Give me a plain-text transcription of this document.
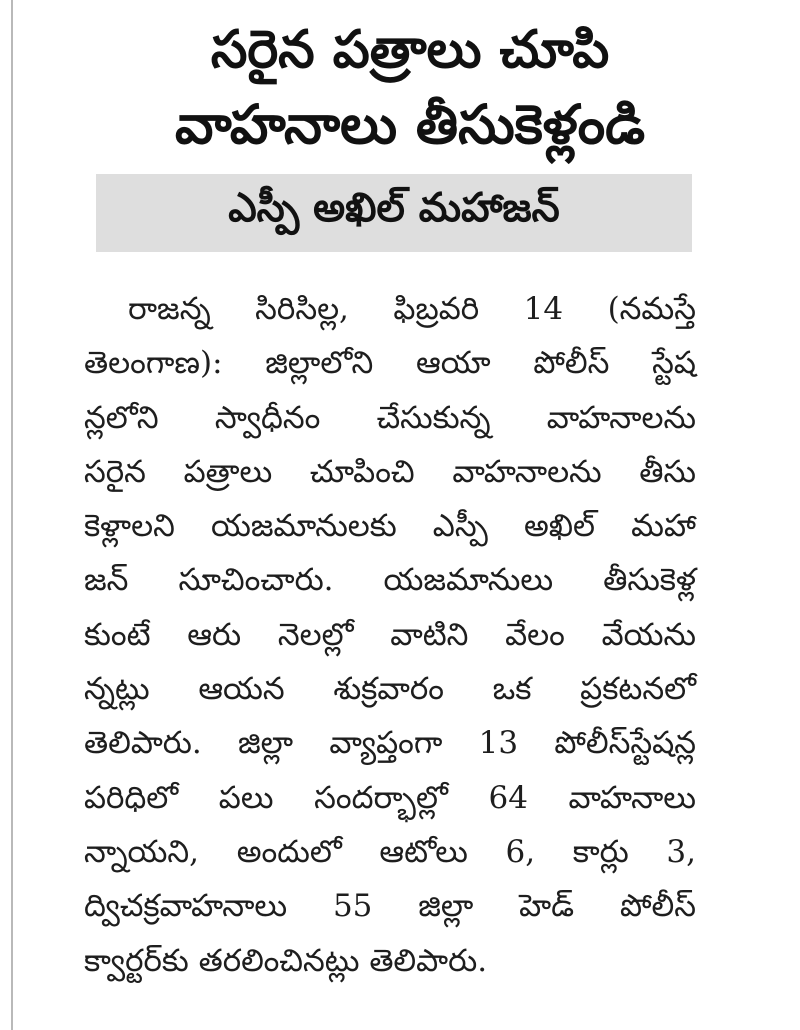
సరైన పత్రాలు చూపి
వాహనాలు తీసుకెళ్లండి
ఎస్పీ అఖిల్ మహాజన్
రాజన్న సిరిసిల్ల, ఫిబ్రవరి 14 (నమస్తే
తెలంగాణ): జిల్లాలోని ఆయా పోలీస్ స్టేష
న్లలోని స్వాధీనం చేసుకున్న వాహనాలను
సరైన పత్రాలు చూపించి వాహనాలను తీసు
కెళ్లాలని యజమానులకు ఎస్పీ అఖిల్ మహా
జన్ సూచించారు. యజమానులు తీసుకెళ్ల
కుంటే ఆరు నెలల్లో వాటిని వేలం వేయను
న్నట్లు ఆయన శుక్రవారం ఒక ప్రకటనలో
తెలిపారు. జిల్లా వ్యాప్తంగా 13 పోలీస్‌స్టేషన్ల
పరిధిలో పలు సందర్భాల్లో 64 వాహనాలు
న్నాయని, అందులో ఆటోలు 6, కార్లు 3,
ద్విచక్రవాహనాలు 55 జిల్లా హెడ్ పోలీస్
క్వార్టర్‌కు తరలించినట్లు తెలిపారు.
